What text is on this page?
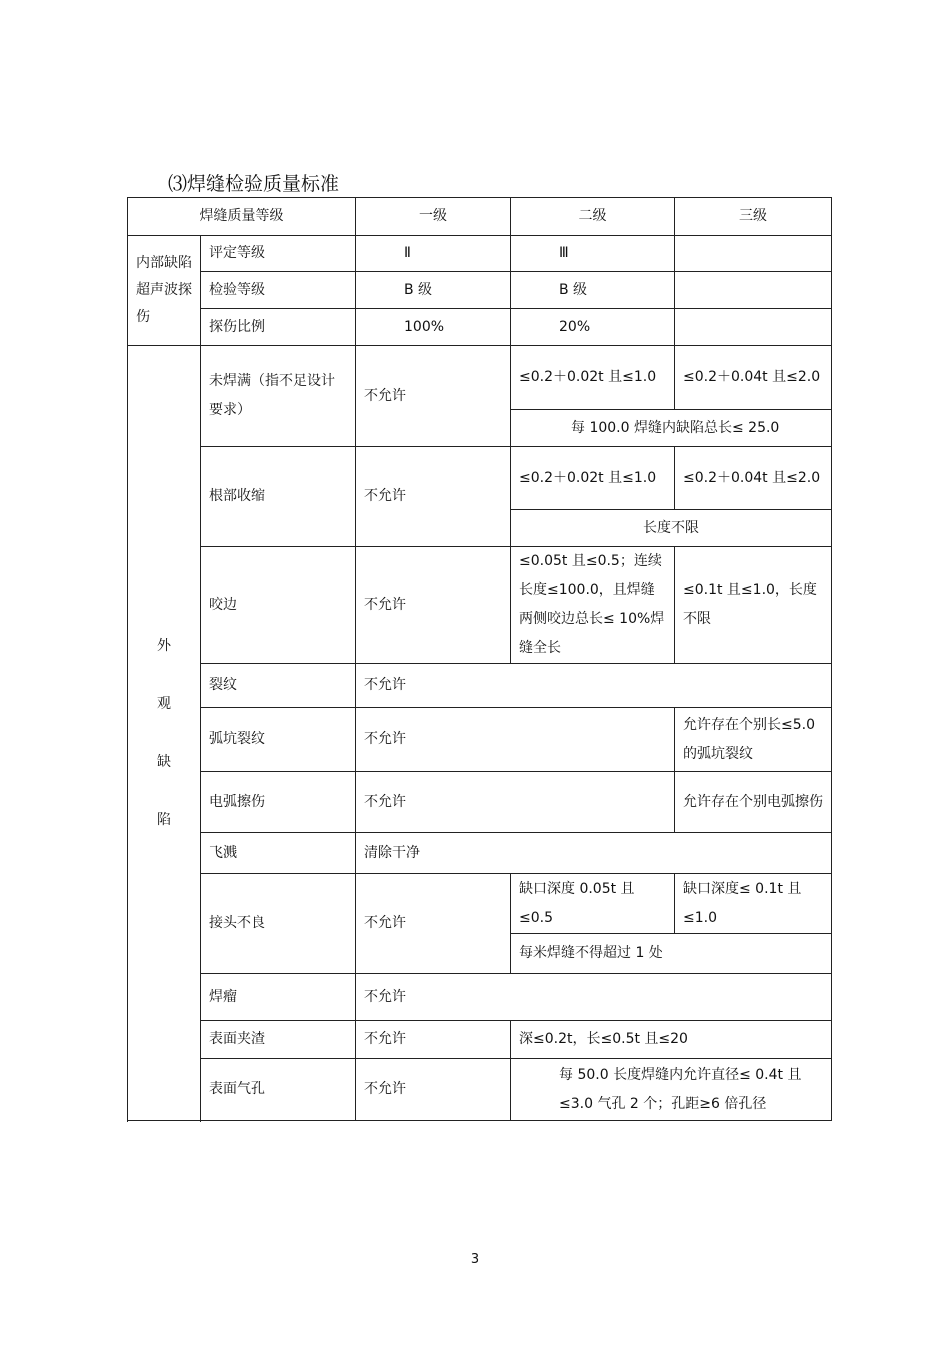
⑶焊缝检验质量标准
焊缝质量等级		一级	二级	三级
内部缺陷超声波探伤	评定等级	Ⅱ	Ⅲ	
	检验等级	B 级	B 级	
	探伤比例	100%	20%	

外
观
缺
陷	未焊满（指不足设计要求）	不允许	≤0.2＋0.02t 且≤1.0	≤0.2＋0.04t 且≤2.0
			每 100.0 焊缝内缺陷总长≤ 25.0	
	根部收缩	不允许	≤0.2＋0.02t 且≤1.0	≤0.2＋0.04t 且≤2.0
			长度不限	
	咬边	不允许	≤0.05t 且≤0.5；连续长度≤100.0，且焊缝两侧咬边总长≤ 10%焊缝全长	≤0.1t 且≤1.0，长度不限
	裂纹	不允许		
	弧坑裂纹	不允许		允许存在个别长≤5.0 的弧坑裂纹
	电弧擦伤	不允许		允许存在个别电弧擦伤
	飞溅	清除干净		
	接头不良	不允许	缺口深度 0.05t 且≤0.5	缺口深度≤ 0.1t 且≤1.0
			每米焊缝不得超过 1 处	
	焊瘤	不允许		
	表面夹渣	不允许	深≤0.2t，长≤0.5t 且≤20	
	表面气孔	不允许	每 50.0 长度焊缝内允许直径≤ 0.4t 且≤3.0 气孔 2 个；孔距≥6 倍孔径	

3
